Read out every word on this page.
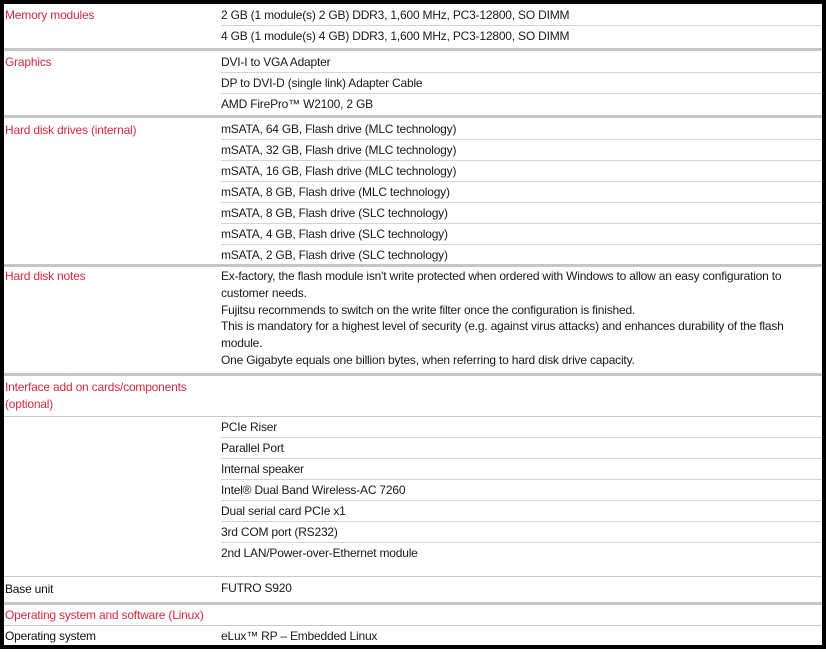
Memory modules	2 GB (1 module(s) 2 GB) DDR3, 1,600 MHz, PC3-12800, SO DIMM
4 GB (1 module(s) 4 GB) DDR3, 1,600 MHz, PC3-12800, SO DIMM
Graphics	DVI-I to VGA Adapter
DP to DVI-D (single link) Adapter Cable
AMD FirePro™ W2100, 2 GB
Hard disk drives (internal)	mSATA, 64 GB, Flash drive (MLC technology)
mSATA, 32 GB, Flash drive (MLC technology)
mSATA, 16 GB, Flash drive (MLC technology)
mSATA, 8 GB, Flash drive (MLC technology)
mSATA, 8 GB, Flash drive (SLC technology)
mSATA, 4 GB, Flash drive (SLC technology)
mSATA, 2 GB, Flash drive (SLC technology)
Hard disk notes	Ex-factory, the flash module isn't write protected when ordered with Windows to allow an easy configuration to customer needs.
Fujitsu recommends to switch on the write filter once the configuration is finished.
This is mandatory for a highest level of security (e.g. against virus attacks) and enhances durability of the flash module.
One Gigabyte equals one billion bytes, when referring to hard disk drive capacity.
Interface add on cards/components (optional)
PCIe Riser
Parallel Port
Internal speaker
Intel® Dual Band Wireless-AC 7260
Dual serial card PCIe x1
3rd COM port (RS232)
2nd LAN/Power-over-Ethernet module
Base unit	FUTRO S920
Operating system and software (Linux)
Operating system	eLux™ RP – Embedded Linux
